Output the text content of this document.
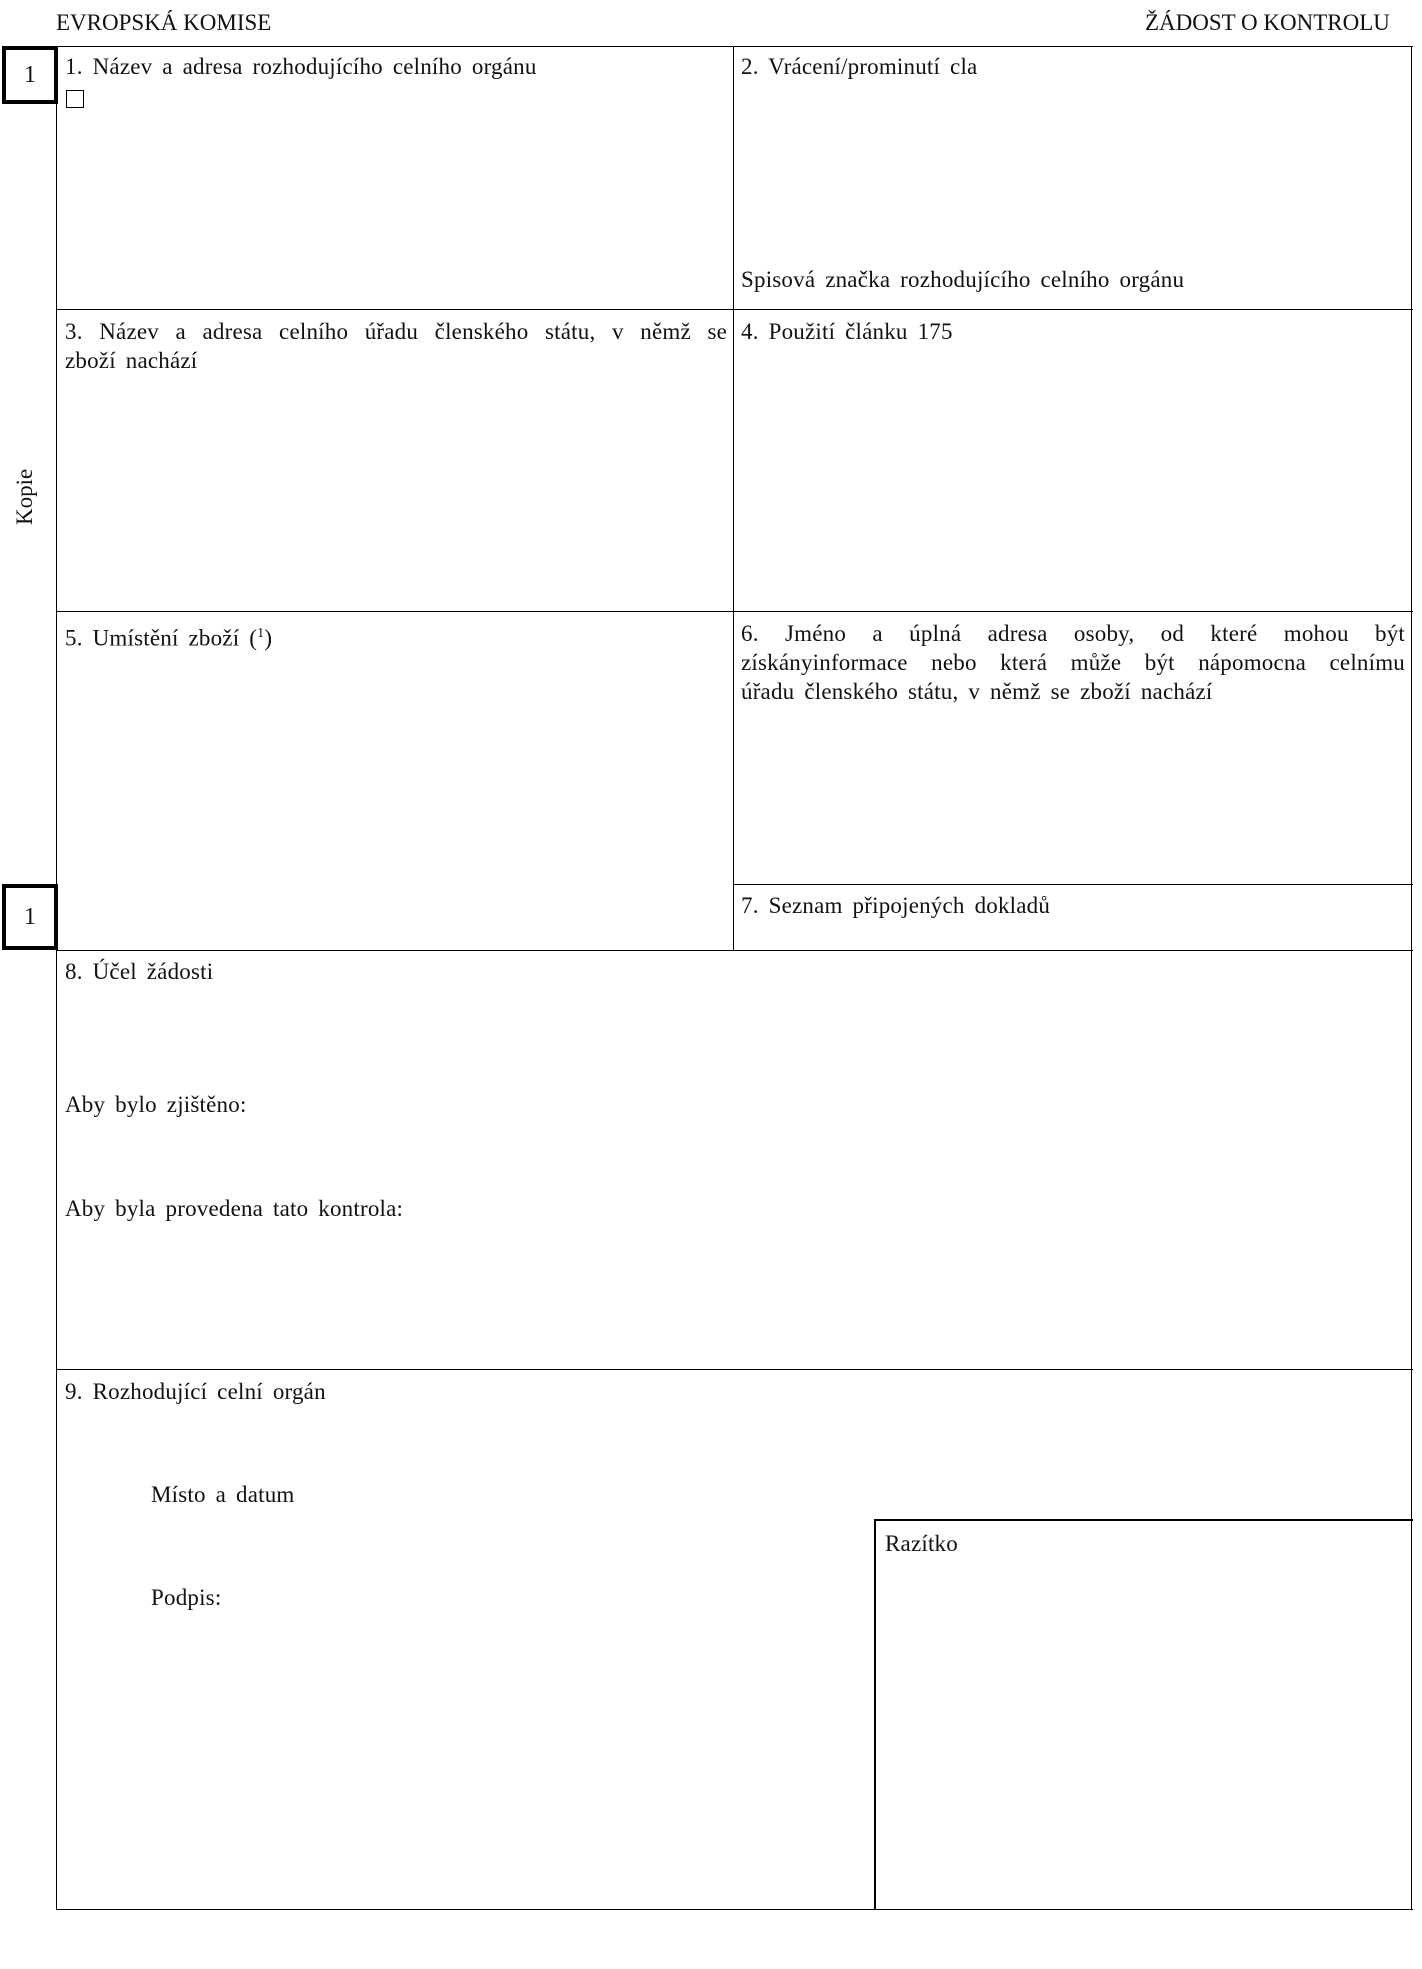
EVROPSKÁ KOMISE	ŽÁDOST O KONTROLU
1
1
Kopie
1. Název a adresa rozhodujícího celního orgánu	2. Vrácení/prominutí cla
Spisová značka rozhodujícího celního orgánu
3. Název a adresa celního úřadu členského státu, v němž se
zboží nachází
4. Použití článku 175
5. Umístění zboží ($^1$)	6. Jméno a úplná adresa osoby, od které mohou být
získányinformace nebo která může být nápomocna celnímu
úřadu členského státu, v němž se zboží nachází
7. Seznam připojených dokladů
8. Účel žádosti
Aby bylo zjištěno:
Aby byla provedena tato kontrola:
9. Rozhodující celní orgán
Místo a datum
Podpis:
Razítko
